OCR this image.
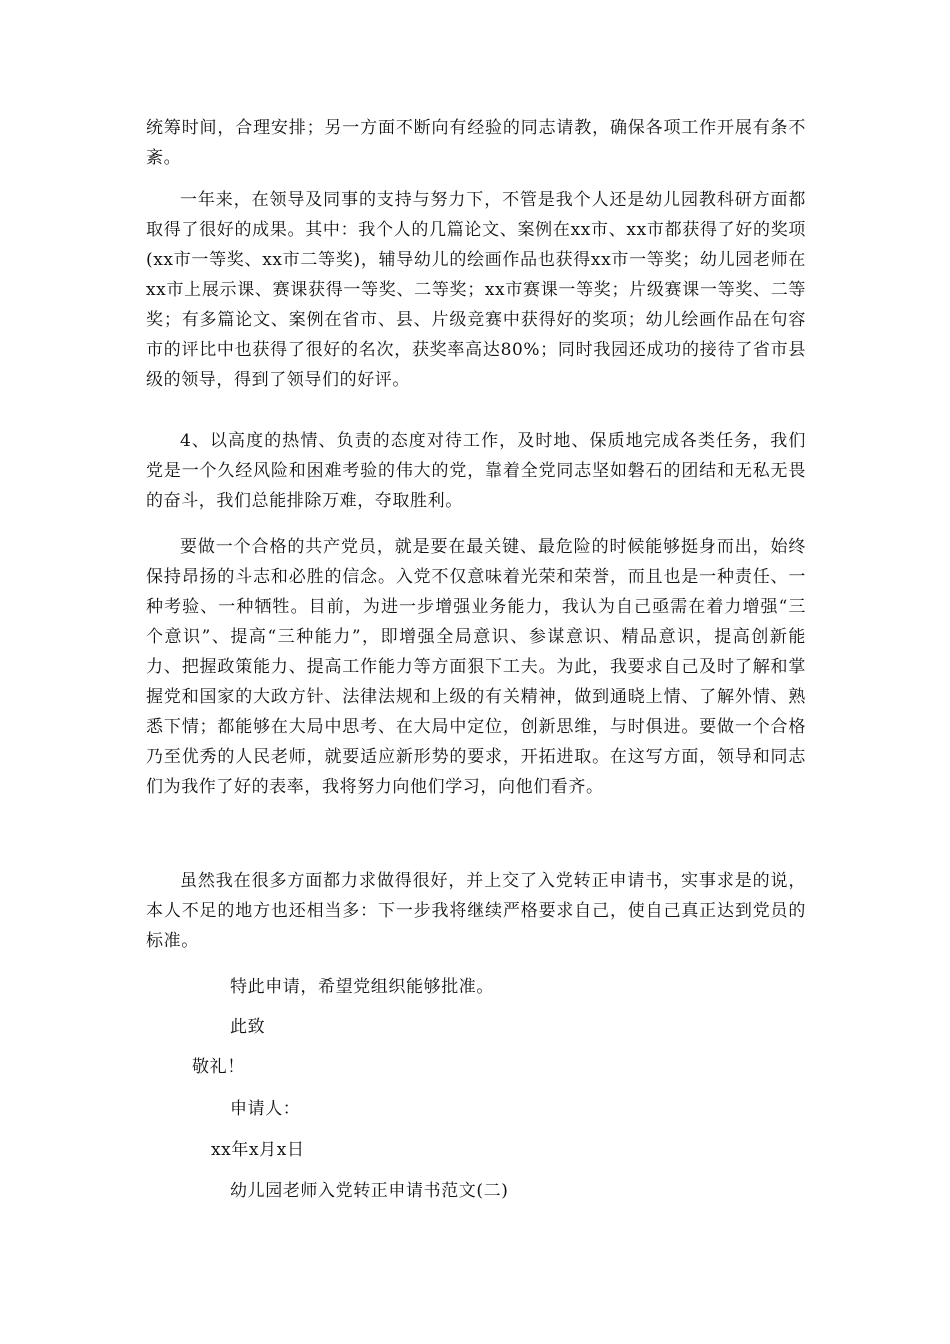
统筹时间，合理安排；另一方面不断向有经验的同志请教，确保各项工作开展有条不紊。

一年来，在领导及同事的支持与努力下，不管是我个人还是幼儿园教科研方面都取得了很好的成果。其中：我个人的几篇论文、案例在xx市、xx市都获得了好的奖项(xx市一等奖、xx市二等奖)，辅导幼儿的绘画作品也获得xx市一等奖；幼儿园老师在xx市上展示课、赛课获得一等奖、二等奖；xx市赛课一等奖；片级赛课一等奖、二等奖；有多篇论文、案例在省市、县、片级竞赛中获得好的奖项；幼儿绘画作品在句容市的评比中也获得了很好的名次，获奖率高达80%；同时我园还成功的接待了省市县级的领导，得到了领导们的好评。

4、以高度的热情、负责的态度对待工作，及时地、保质地完成各类任务，我们党是一个久经风险和困难考验的伟大的党，靠着全党同志坚如磐石的团结和无私无畏的奋斗，我们总能排除万难，夺取胜利。

要做一个合格的共产党员，就是要在最关键、最危险的时候能够挺身而出，始终保持昂扬的斗志和必胜的信念。入党不仅意味着光荣和荣誉，而且也是一种责任、一种考验、一种牺牲。目前，为进一步增强业务能力，我认为自己亟需在着力增强“三个意识”、提高“三种能力”，即增强全局意识、参谋意识、精品意识，提高创新能力、把握政策能力、提高工作能力等方面狠下工夫。为此，我要求自己及时了解和掌握党和国家的大政方针、法律法规和上级的有关精神，做到通晓上情、了解外情、熟悉下情；都能够在大局中思考、在大局中定位，创新思维，与时俱进。要做一个合格乃至优秀的人民老师，就要适应新形势的要求，开拓进取。在这写方面，领导和同志们为我作了好的表率，我将努力向他们学习，向他们看齐。

虽然我在很多方面都力求做得很好，并上交了入党转正申请书，实事求是的说，本人不足的地方也还相当多：下一步我将继续严格要求自己，使自己真正达到党员的标准。

特此申请，希望党组织能够批准。

此致

敬礼！

申请人：

xx年x月x日

幼儿园老师入党转正申请书范文(二)
